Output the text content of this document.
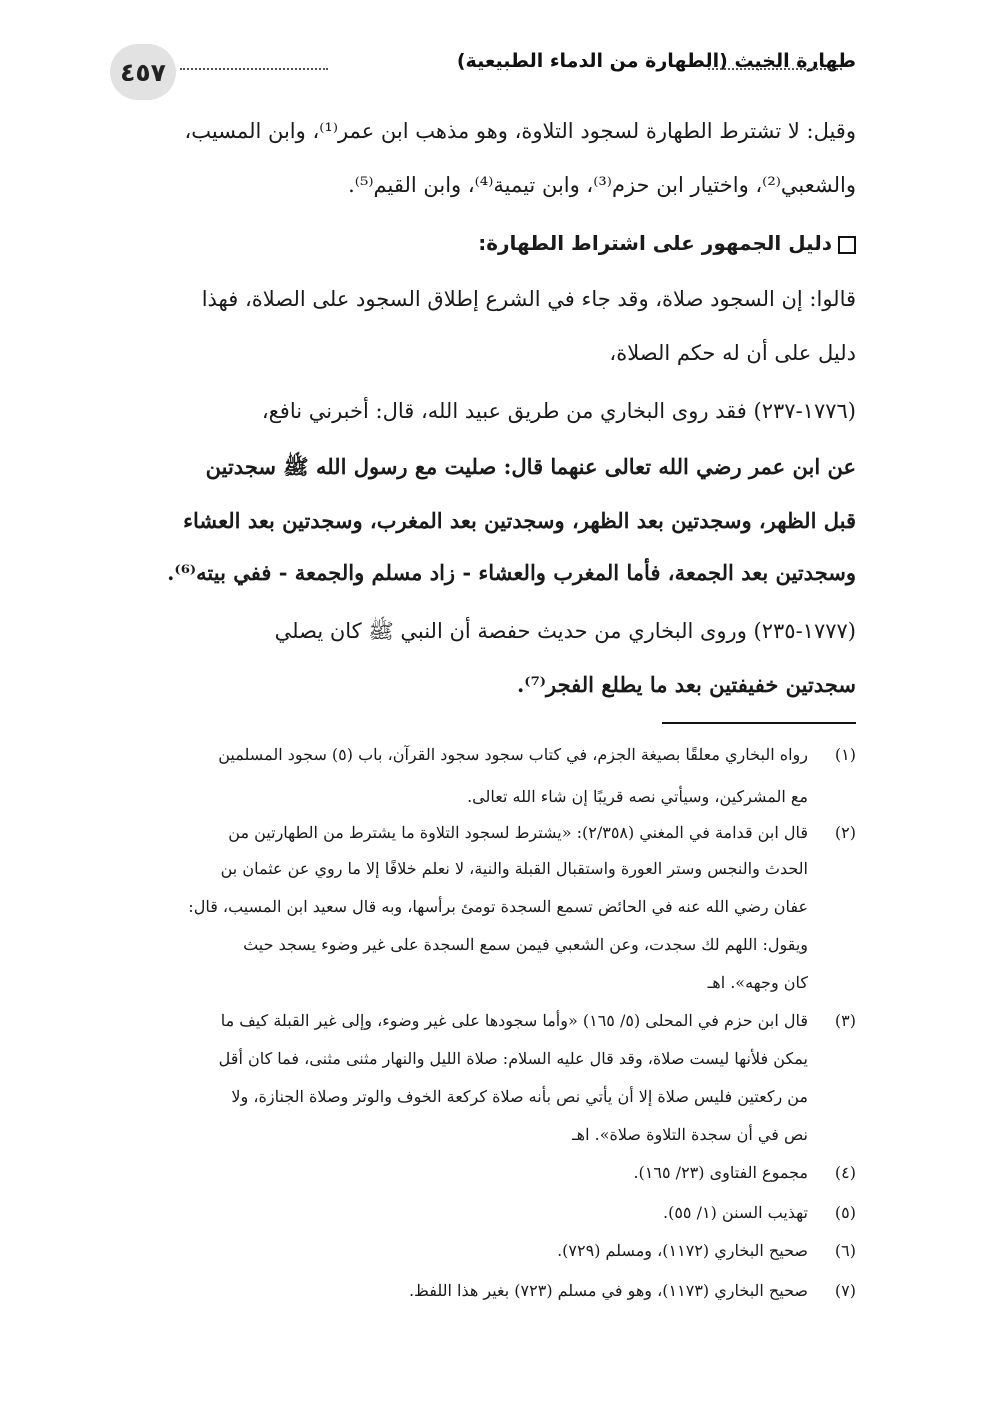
٤٥٧	طهارة الخبث (الطهارة من الدماء الطبيعية)
وقيل: لا تشترط الطهارة لسجود التلاوة، وهو مذهب ابن عمر⁽¹⁾، وابن المسيب،
والشعبي⁽²⁾، واختيار ابن حزم⁽³⁾، وابن تيمية⁽⁴⁾، وابن القيم⁽⁵⁾.
دليل الجمهور على اشتراط الطهارة:
قالوا: إن السجود صلاة، وقد جاء في الشرع إطلاق السجود على الصلاة، فهذا
دليل على أن له حكم الصلاة،
(١٧٧٦-٢٣٧) فقد روى البخاري من طريق عبيد الله، قال: أخبرني نافع،
عن ابن عمر رضي الله تعالى عنهما قال: صليت مع رسول الله ﷺ سجدتين
قبل الظهر، وسجدتين بعد الظهر، وسجدتين بعد المغرب، وسجدتين بعد العشاء
وسجدتين بعد الجمعة، فأما المغرب والعشاء - زاد مسلم والجمعة - ففي بيته⁽⁶⁾.
(١٧٧٧-٢٣٥) وروى البخاري من حديث حفصة أن النبي ﷺ كان يصلي
سجدتين خفيفتين بعد ما يطلع الفجر⁽⁷⁾.
(١)رواه البخاري معلقًا بصيغة الجزم، في كتاب سجود سجود القرآن، باب (٥) سجود المسلمين
مع المشركين، وسيأتي نصه قريبًا إن شاء الله تعالى.
(٢)قال ابن قدامة في المغني (٢/٣٥٨): «يشترط لسجود التلاوة ما يشترط من الطهارتين من
الحدث والنجس وستر العورة واستقبال القبلة والنية، لا نعلم خلافًا إلا ما روي عن عثمان بن
عفان رضي الله عنه في الحائض تسمع السجدة تومئ برأسها، وبه قال سعيد ابن المسيب، قال:
ويقول: اللهم لك سجدت، وعن الشعبي فيمن سمع السجدة على غير وضوء يسجد حيث
كان وجهه». اهـ
(٣)قال ابن حزم في المحلى (٥/ ١٦٥) «وأما سجودها على غير وضوء، وإلى غير القبلة كيف ما
يمكن فلأنها ليست صلاة، وقد قال عليه السلام: صلاة الليل والنهار مثنى مثنى، فما كان أقل
من ركعتين فليس صلاة إلا أن يأتي نص بأنه صلاة كركعة الخوف والوتر وصلاة الجنازة، ولا
نص في أن سجدة التلاوة صلاة». اهـ
(٤)مجموع الفتاوى (٢٣/ ١٦٥).
(٥)تهذيب السنن (١/ ٥٥).
(٦)صحيح البخاري (١١٧٢)، ومسلم (٧٢٩).
(٧)صحيح البخاري (١١٧٣)، وهو في مسلم (٧٢٣) بغير هذا اللفظ.
